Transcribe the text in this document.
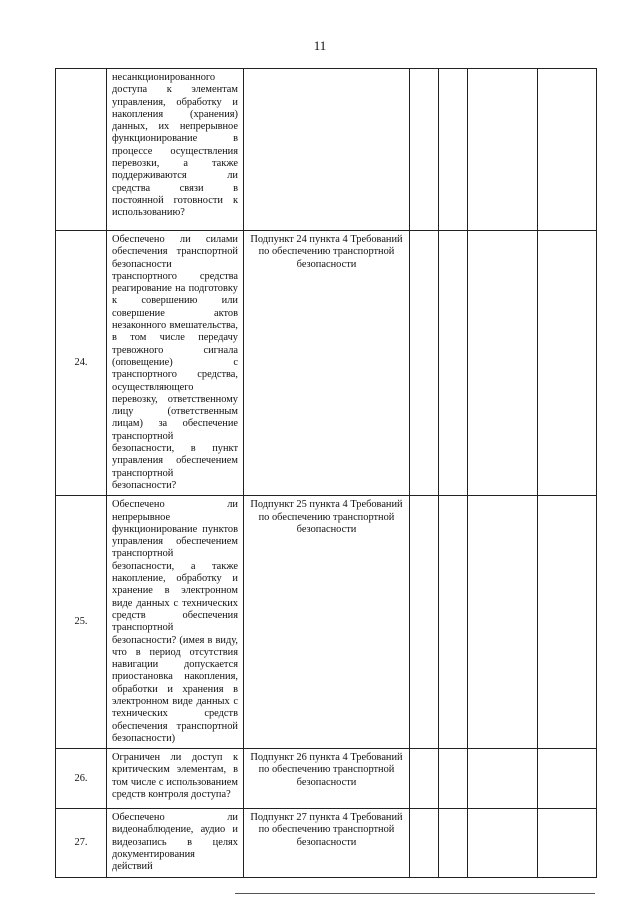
11
	несанкционированного доступа к элементам управления, обработку и накопления (хранения) данных, их непрерывное функционирование в процессе осуществления перевозки, а также поддерживаются ли средства связи в постоянной готовности к использованию?					
24.	Обеспечено ли силами обеспечения транспортной безопасности транспортного средства реагирование на подготовку к совершению или совершение актов незаконного вмешательства, в том числе передачу тревожного сигнала (оповещение) с транспортного средства, осуществляющего перевозку, ответственному лицу (ответственным лицам) за обеспечение транспортной безопасности, в пункт управления обеспечением транспортной безопасности?	Подпункт 24 пункта 4 Требований по обеспечению транспортной безопасности				
25.	Обеспечено ли непрерывное функционирование пунктов управления обеспечением транспортной безопасности, а также накопление, обработку и хранение в электронном виде данных с технических средств обеспечения транспортной безопасности? (имея в виду, что в период отсутствия навигации допускается приостановка накопления, обработки и хранения в электронном виде данных с технических средств обеспечения транспортной безопасности)	Подпункт 25 пункта 4 Требований по обеспечению транспортной безопасности				
26.	Ограничен ли доступ к критическим элементам, в том числе с использованием средств контроля доступа?	Подпункт 26 пункта 4 Требований по обеспечению транспортной безопасности				
27.	Обеспечено ли видеонаблюдение, аудио и видеозапись в целях документирования действий	Подпункт 27 пункта 4 Требований по обеспечению транспортной безопасности				
